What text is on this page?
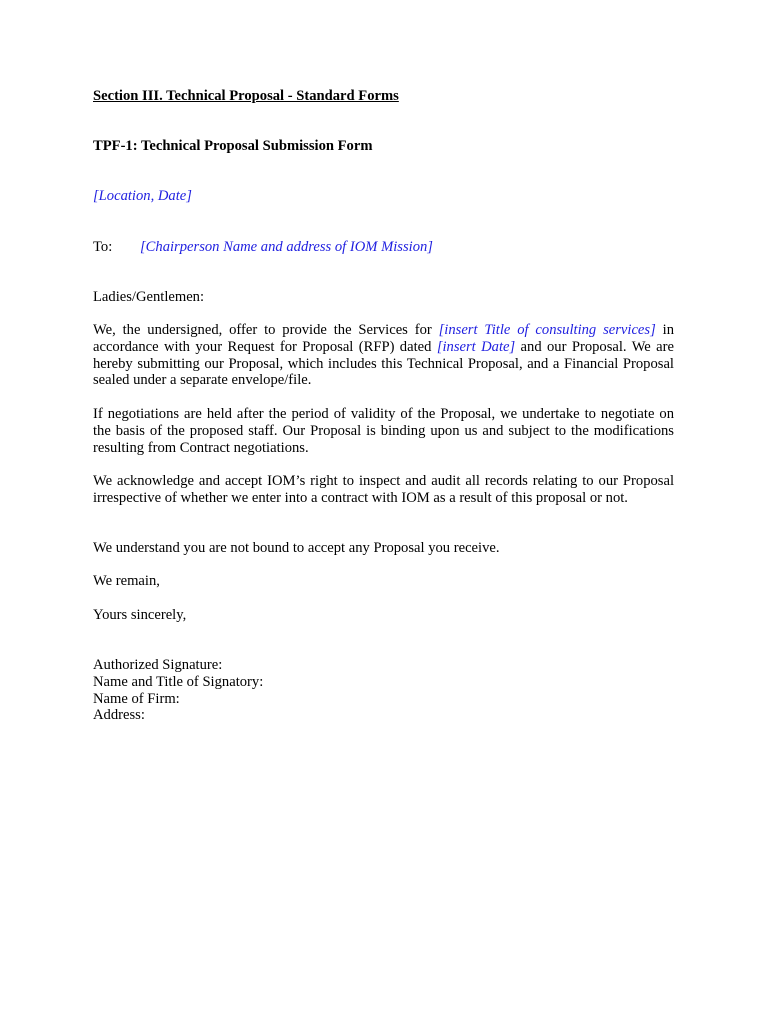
Section III. Technical Proposal - Standard Forms
TPF-1: Technical Proposal Submission Form
[Location, Date]
To: [Chairperson Name and address of IOM Mission]
Ladies/Gentlemen:
We, the undersigned, offer to provide the Services for [insert Title of consulting services] in accordance with your Request for Proposal (RFP) dated [insert Date] and our Proposal. We are hereby submitting our Proposal, which includes this Technical Proposal, and a Financial Proposal sealed under a separate envelope/file.
If negotiations are held after the period of validity of the Proposal, we undertake to negotiate on the basis of the proposed staff. Our Proposal is binding upon us and subject to the modifications resulting from Contract negotiations.
We acknowledge and accept IOM’s right to inspect and audit all records relating to our Proposal irrespective of whether we enter into a contract with IOM as a result of this proposal or not.
We understand you are not bound to accept any Proposal you receive.
We remain,
Yours sincerely,
Authorized Signature:
Name and Title of Signatory:
Name of Firm:
Address:
